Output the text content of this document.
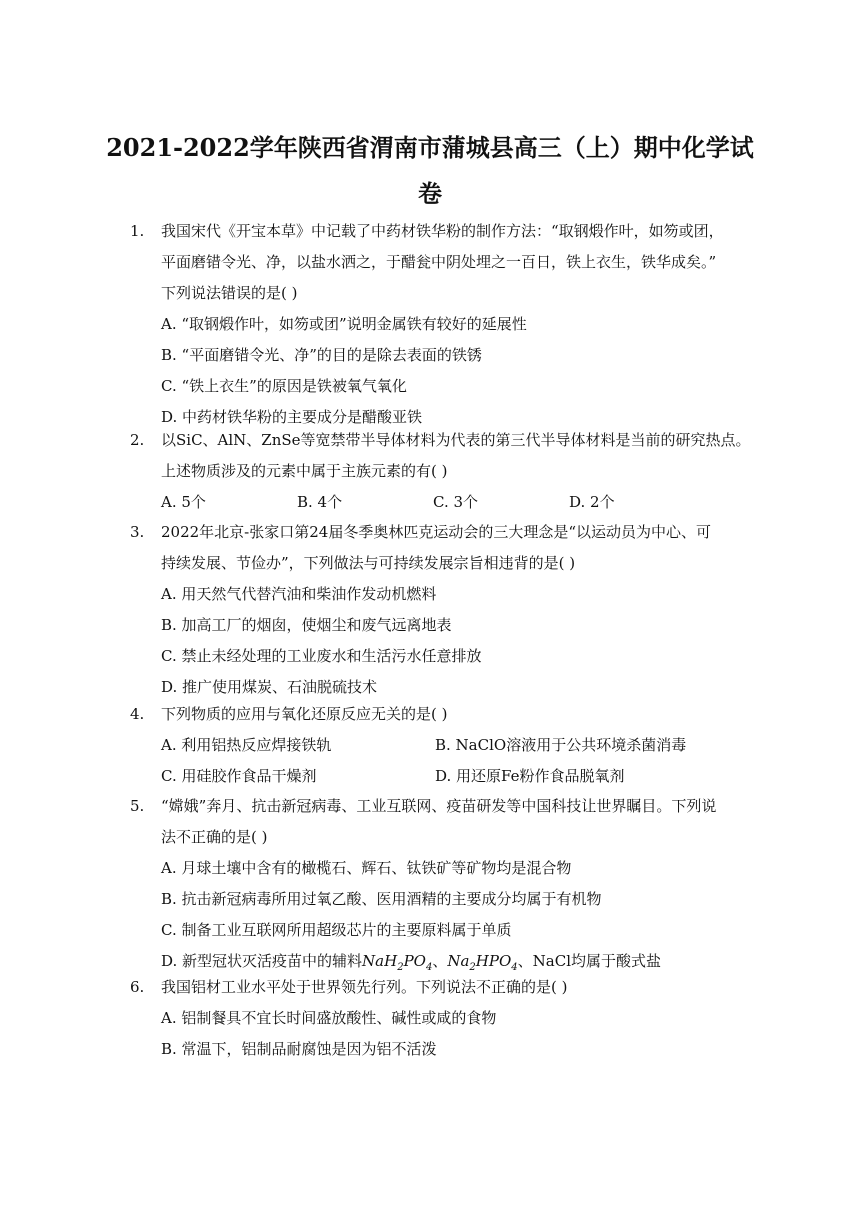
2021-2022学年陕西省渭南市蒲城县高三（上）期中化学试
卷
1.	我国宋代《开宝本草》中记载了中药材铁华粉的制作方法：“取钢煅作叶，如笏或团，
平面磨错令光、净，以盐水洒之，于醋瓮中阴处埋之一百日，铁上衣生，铁华成矣。”
下列说法错误的是( )
A. “取钢煅作叶，如笏或团”说明金属铁有较好的延展性
B. “平面磨错令光、净”的目的是除去表面的铁锈
C. “铁上衣生”的原因是铁被氧气氧化
D. 中药材铁华粉的主要成分是醋酸亚铁
2.	以SiC、AlN、ZnSe等宽禁带半导体材料为代表的第三代半导体材料是当前的研究热点。
上述物质涉及的元素中属于主族元素的有( )
A. 5个	B. 4个	C. 3个	D. 2个
3.	2022年北京-张家口第24届冬季奥林匹克运动会的三大理念是“以运动员为中心、可
持续发展、节俭办”，下列做法与可持续发展宗旨相违背的是( )
A. 用天然气代替汽油和柴油作发动机燃料
B. 加高工厂的烟囱，使烟尘和废气远离地表
C. 禁止未经处理的工业废水和生活污水任意排放
D. 推广使用煤炭、石油脱硫技术
4.	下列物质的应用与氧化还原反应无关的是( )
A. 利用铝热反应焊接铁轨	B. NaClO溶液用于公共环境杀菌消毒
C. 用硅胶作食品干燥剂	D. 用还原Fe粉作食品脱氧剂
5.	“嫦娥”奔月、抗击新冠病毒、工业互联网、疫苗研发等中国科技让世界瞩目。下列说
法不正确的是( )
A. 月球土壤中含有的橄榄石、辉石、钛铁矿等矿物均是混合物
B. 抗击新冠病毒所用过氧乙酸、医用酒精的主要成分均属于有机物
C. 制备工业互联网所用超级芯片的主要原料属于单质
D. 新型冠状灭活疫苗中的辅料$NaH_2PO_4$、$Na_2HPO_4$、NaCl均属于酸式盐
6.	我国铝材工业水平处于世界领先行列。下列说法不正确的是( )
A. 铝制餐具不宜长时间盛放酸性、碱性或咸的食物
B. 常温下，铝制品耐腐蚀是因为铝不活泼
